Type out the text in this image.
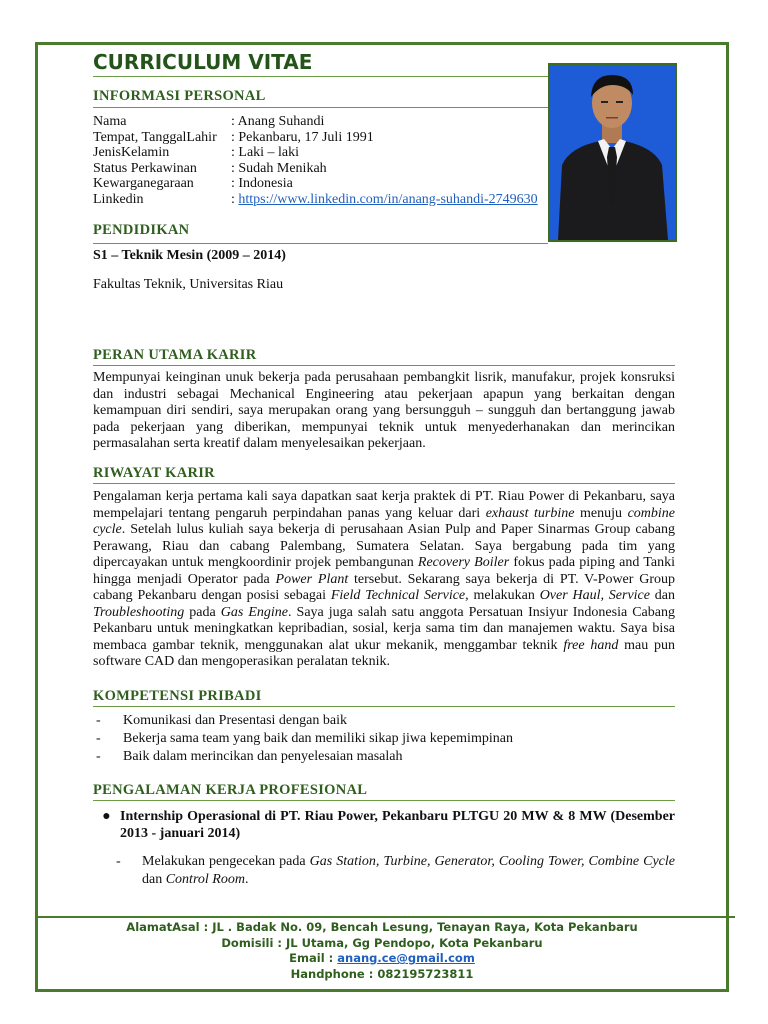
CURRICULUM VITAE
INFORMASI PERSONAL
Nama	: Anang Suhandi
Tempat, TanggalLahir	: Pekanbaru, 17 Juli 1991
JenisKelamin	: Laki – laki
Status Perkawinan	: Sudah Menikah
Kewarganegaraan	: Indonesia
Linkedin	: https://www.linkedin.com/in/anang-suhandi-2749630
PENDIDIKAN
S1 – Teknik Mesin (2009 – 2014)
Fakultas Teknik, Universitas Riau
PERAN UTAMA KARIR
Mempunyai keinginan unuk bekerja pada perusahaan pembangkit lisrik, manufakur, projek konsruksi dan industri sebagai Mechanical Engineering atau pekerjaan apapun yang berkaitan dengan kemampuan diri sendiri, saya merupakan orang yang bersungguh – sungguh dan bertanggung jawab pada pekerjaan yang diberikan, mempunyai teknik untuk menyederhanakan dan merincikan permasalahan serta kreatif dalam menyelesaikan pekerjaan.
RIWAYAT KARIR
Pengalaman kerja pertama kali saya dapatkan saat kerja praktek di PT. Riau Power di Pekanbaru, saya mempelajari tentang pengaruh perpindahan panas yang keluar dari exhaust turbine menuju combine cycle. Setelah lulus kuliah saya bekerja di perusahaan Asian Pulp and Paper Sinarmas Group cabang Perawang, Riau dan cabang Palembang, Sumatera Selatan. Saya bergabung pada tim yang dipercayakan untuk mengkoordinir projek pembangunan Recovery Boiler fokus pada piping and Tanki hingga menjadi Operator pada Power Plant tersebut. Sekarang saya bekerja di PT. V-Power Group cabang Pekanbaru dengan posisi sebagai Field Technical Service, melakukan Over Haul, Service dan Troubleshooting pada Gas Engine. Saya juga salah satu anggota Persatuan Insiyur Indonesia Cabang Pekanbaru untuk meningkatkan kepribadian, sosial, kerja sama tim dan manajemen waktu. Saya bisa membaca gambar teknik, menggunakan alat ukur mekanik, menggambar teknik free hand mau pun software CAD dan mengoperasikan peralatan teknik.
KOMPETENSI PRIBADI
-	Komunikasi dan Presentasi dengan baik
-	Bekerja sama team yang baik dan memiliki sikap jiwa kepemimpinan
-	Baik dalam merincikan dan penyelesaian masalah
PENGALAMAN KERJA PROFESIONAL
● Internship Operasional di PT. Riau Power, Pekanbaru PLTGU 20 MW & 8 MW (Desember 2013 - januari 2014)
-	Melakukan pengecekan pada Gas Station, Turbine, Generator, Cooling Tower, Combine Cycle dan Control Room.
AlamatAsal : JL . Badak No. 09, Bencah Lesung, Tenayan Raya, Kota Pekanbaru
Domisili : JL Utama, Gg Pendopo, Kota Pekanbaru
Email : anang.ce@gmail.com
Handphone : 082195723811
